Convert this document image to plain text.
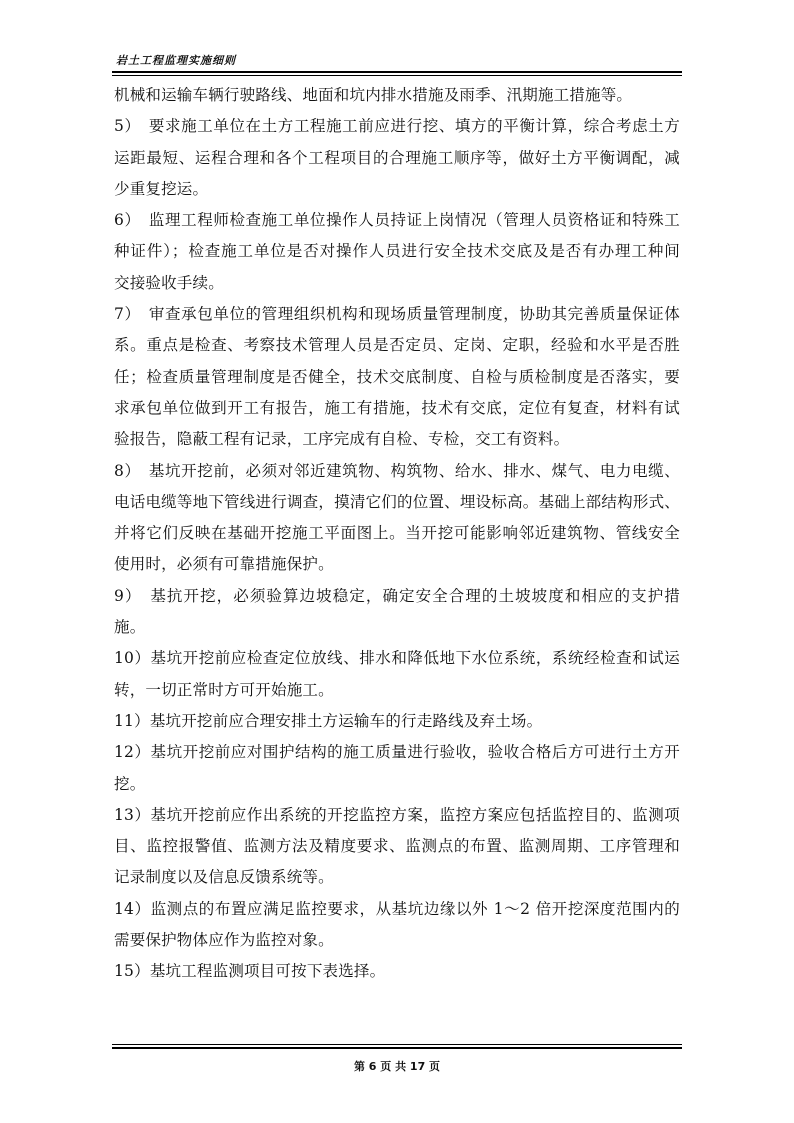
岩土工程监理实施细则
机械和运输车辆行驶路线、地面和坑内排水措施及雨季、汛期施工措施等。
5）　要求施工单位在土方工程施工前应进行挖、填方的平衡计算，综合考虑土方
运距最短、运程合理和各个工程项目的合理施工顺序等，做好土方平衡调配，减
少重复挖运。
6）　监理工程师检查施工单位操作人员持证上岗情况（管理人员资格证和特殊工
种证件）；检查施工单位是否对操作人员进行安全技术交底及是否有办理工种间
交接验收手续。
7）　审查承包单位的管理组织机构和现场质量管理制度，协助其完善质量保证体
系。重点是检查、考察技术管理人员是否定员、定岗、定职，经验和水平是否胜
任；检查质量管理制度是否健全，技术交底制度、自检与质检制度是否落实，要
求承包单位做到开工有报告，施工有措施，技术有交底，定位有复查，材料有试
验报告，隐蔽工程有记录，工序完成有自检、专检，交工有资料。
8）　基坑开挖前，必须对邻近建筑物、构筑物、给水、排水、煤气、电力电缆、
电话电缆等地下管线进行调查，摸清它们的位置、埋设标高。基础上部结构形式、
并将它们反映在基础开挖施工平面图上。当开挖可能影响邻近建筑物、管线安全
使用时，必须有可靠措施保护。
9）　基抗开挖，必须验算边坡稳定，确定安全合理的土坡坡度和相应的支护措
施。
10）基坑开挖前应检查定位放线、排水和降低地下水位系统，系统经检查和试运
转，一切正常时方可开始施工。
11）基坑开挖前应合理安排土方运输车的行走路线及弃土场。
12）基坑开挖前应对围护结构的施工质量进行验收，验收合格后方可进行土方开
挖。
13）基坑开挖前应作出系统的开挖监控方案，监控方案应包括监控目的、监测项
目、监控报警值、监测方法及精度要求、监测点的布置、监测周期、工序管理和
记录制度以及信息反馈系统等。
14）监测点的布置应满足监控要求，从基坑边缘以外 1～2 倍开挖深度范围内的
需要保护物体应作为监控对象。
15）基坑工程监测项目可按下表选择。
第 6 页 共 17 页
